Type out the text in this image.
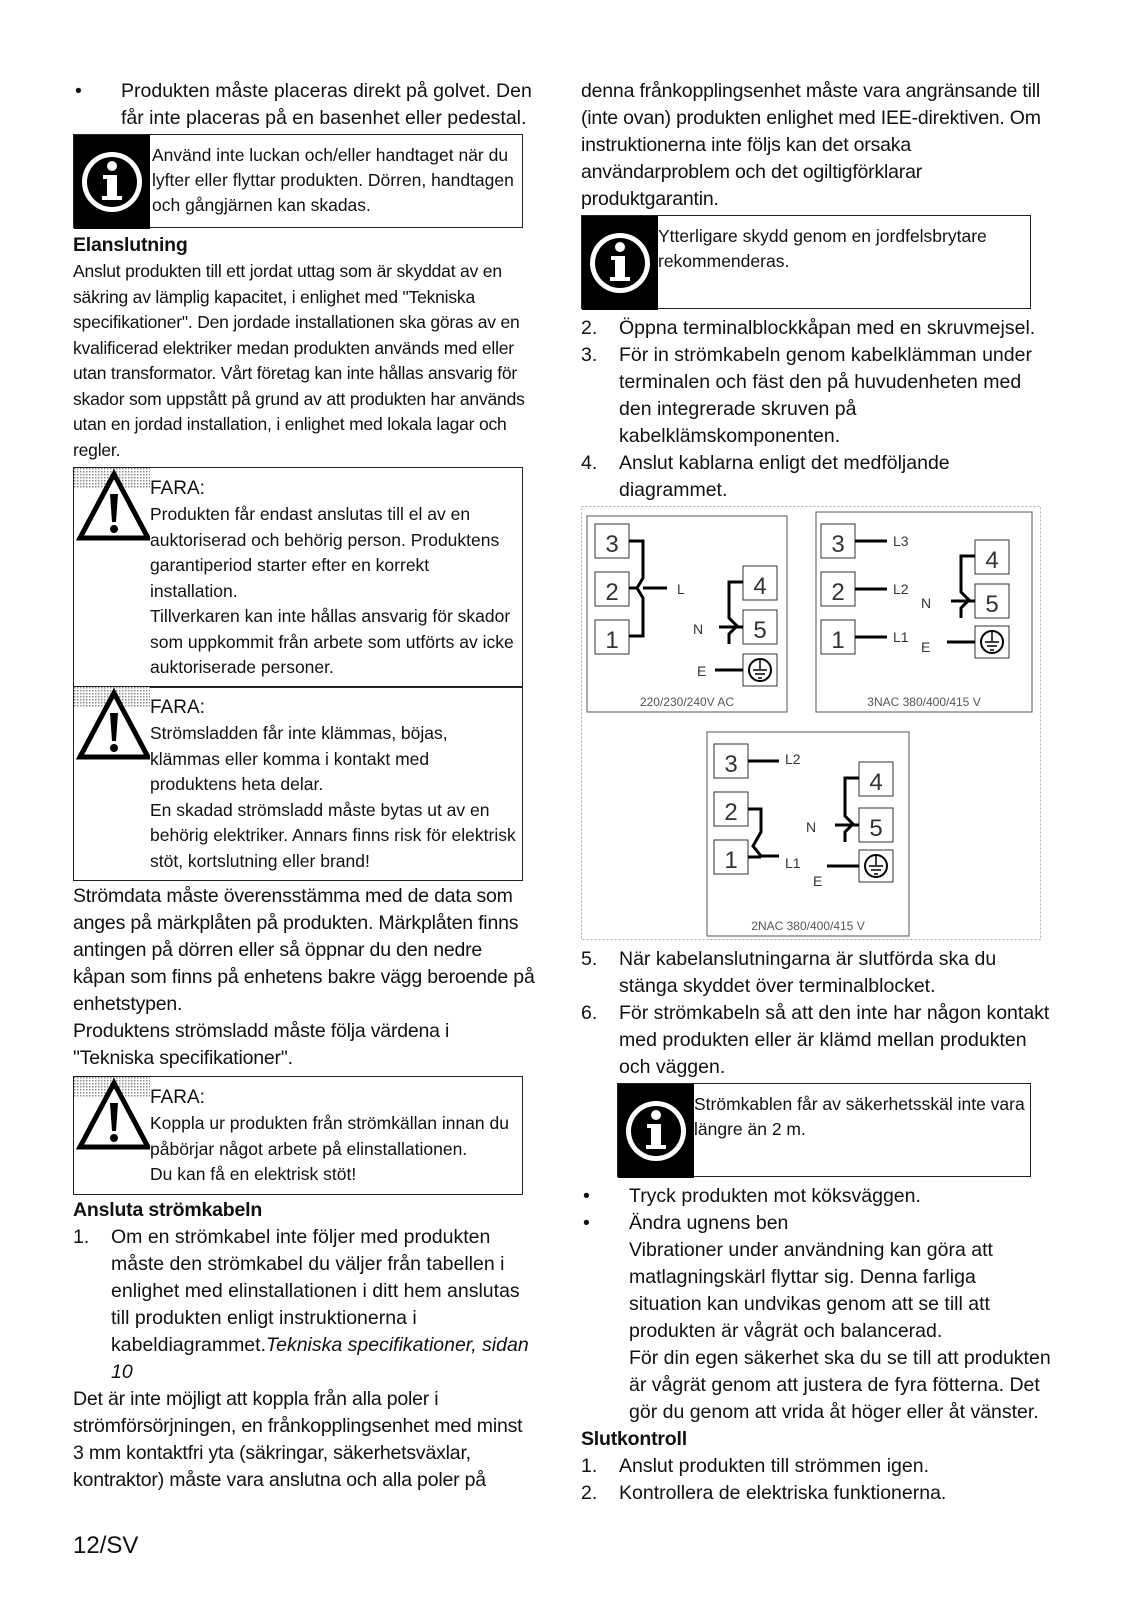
• Produkten måste placeras direkt på golvet. Den får inte placeras på en basenhet eller pedestal.
Använd inte luckan och/eller handtaget när du lyfter eller flyttar produkten. Dörren, handtagen och gångjärnen kan skadas.

Elanslutning

Anslut produkten till ett jordat uttag som är skyddat av en säkring av lämplig kapacitet, i enlighet med "Tekniska specifikationer". Den jordade installationen ska göras av en kvalificerad elektriker medan produkten används med eller utan transformator. Vårt företag kan inte hållas ansvarig för skador som uppstått på grund av att produkten har används utan en jordad installation, i enlighet med lokala lagar och regler.

FARA:
Produkten får endast anslutas till el av en auktoriserad och behörig person. Produktens garantiperiod starter efter en korrekt installation.
Tillverkaren kan inte hållas ansvarig för skador som uppkommit från arbete som utförts av icke auktoriserade personer.
FARA:
Strömsladden får inte klämmas, böjas, klämmas eller komma i kontakt med produktens heta delar.
En skadad strömsladd måste bytas ut av en behörig elektriker. Annars finns risk för elektrisk stöt, kortslutning eller brand!

Strömdata måste överensstämma med de data som anges på märkplåten på produkten. Märkplåten finns antingen på dörren eller så öppnar du den nedre kåpan som finns på enhetens bakre vägg beroende på enhetstypen.

Produktens strömsladd måste följa värdena i "Tekniska specifikationer".

FARA:
Koppla ur produkten från strömkällan innan du påbörjar något arbete på elinstallationen.
Du kan få en elektrisk stöt!

Ansluta strömkabeln

1. Om en strömkabel inte följer med produkten
måste den strömkabel du väljer från tabellen i enlighet med elinstallationen i ditt hem anslutas till produkten enligt instruktionerna i kabeldiagrammet.Tekniska specifikationer, sidan 10

Det är inte möjligt att koppla från alla poler i strömförsörjningen, en frånkopplingsenhet med minst 3 mm kontaktfri yta (säkringar, säkerhetsväxlar, kontraktor) måste vara anslutna och alla poler på

denna frånkopplingsenhet måste vara angränsande till (inte ovan) produkten enlighet med IEE-direktiven. Om instruktionerna inte följs kan det orsaka användarproblem och det ogiltigförklarar produktgarantin.

Ytterligare skydd genom en jordfelsbrytare rekommenderas.
2. Öppna terminalblockkåpan med en skruvmejsel.
3. För in strömkabeln genom kabelklämman under terminalen och fäst den på huvudenheten med den integrerade skruven på kabelklämskomponenten.
4. Anslut kablarna enligt det medföljande diagrammet.
3
2
1
L	4
5
N
E
220/230/240V AC
3
2
1
L3
L2
L1
4
5
N
E
3NAC 380/400/415 V
3
2
1
L2
L1
4
5
N
E
2NAC 380/400/415 V
5. När kabelanslutningarna är slutförda ska du stänga skyddet över terminalblocket.
6. För strömkabeln så att den inte har någon kontakt med produkten eller är klämd mellan produkten och väggen.
Strömkablen får av säkerhetsskäl inte vara längre än 2 m.
• Tryck produkten mot köksväggen.
• Ändra ugnens ben
Vibrationer under användning kan göra att matlagningskärl flyttar sig. Denna farliga situation kan undvikas genom att se till att produkten är vågrät och balancerad.
För din egen säkerhet ska du se till att produkten är vågrät genom att justera de fyra fötterna. Det gör du genom att vrida åt höger eller åt vänster.

Slutkontroll

1. Anslut produkten till strömmen igen.
2. Kontrollera de elektriska funktionerna.
12/SV
